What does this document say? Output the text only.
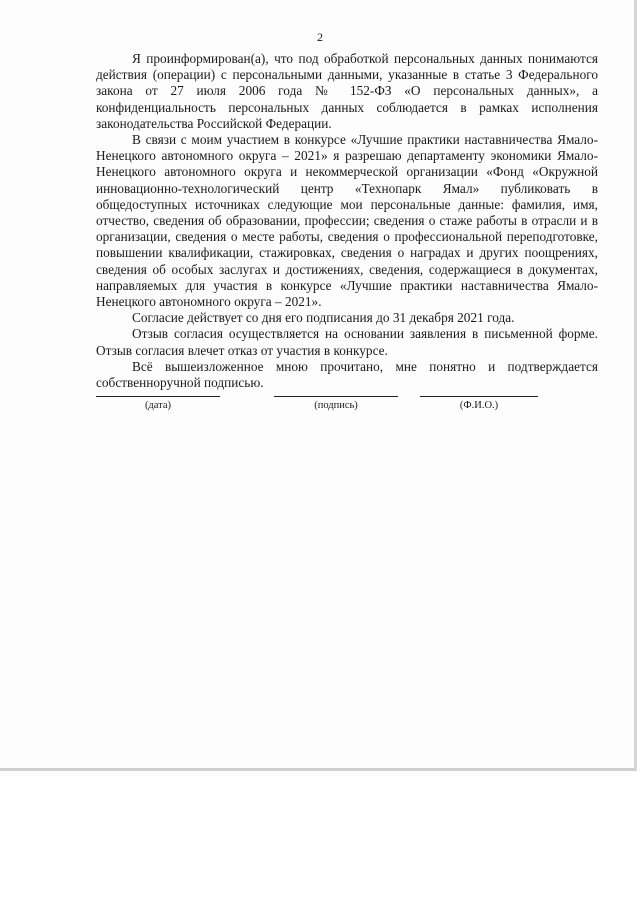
2

Я проинформирован(а), что под обработкой персональных данных понимаются действия (операции) с персональными данными, указанные в статье 3 Федерального закона от 27 июля 2006 года № 152-ФЗ «О персональных данных», а конфиденциальность персональных данных соблюдается в рамках исполнения законодательства Российской Федерации.

В связи с моим участием в конкурсе «Лучшие практики наставничества Ямало-Ненецкого автономного округа – 2021» я разрешаю департаменту экономики Ямало-Ненецкого автономного округа и некоммерческой организации «Фонд «Окружной инновационно-технологический центр «Технопарк Ямал» публиковать в общедоступных источниках следующие мои персональные данные: фамилия, имя, отчество, сведения об образовании, профессии; сведения о стаже работы в отрасли и в организации, сведения о месте работы, сведения о профессиональной переподготовке, повышении квалификации, стажировках, сведения о наградах и других поощрениях, сведения об особых заслугах и достижениях, сведения, содержащиеся в документах, направляемых для участия в конкурсе «Лучшие практики наставничества Ямало-Ненецкого автономного округа – 2021».

Согласие действует со дня его подписания до 31 декабря 2021 года.

Отзыв согласия осуществляется на основании заявления в письменной форме. Отзыв согласия влечет отказ от участия в конкурсе.

Всё вышеизложенное мною прочитано, мне понятно и подтверждается собственноручной подписью.

(дата)	(подпись)	(Ф.И.О.)
